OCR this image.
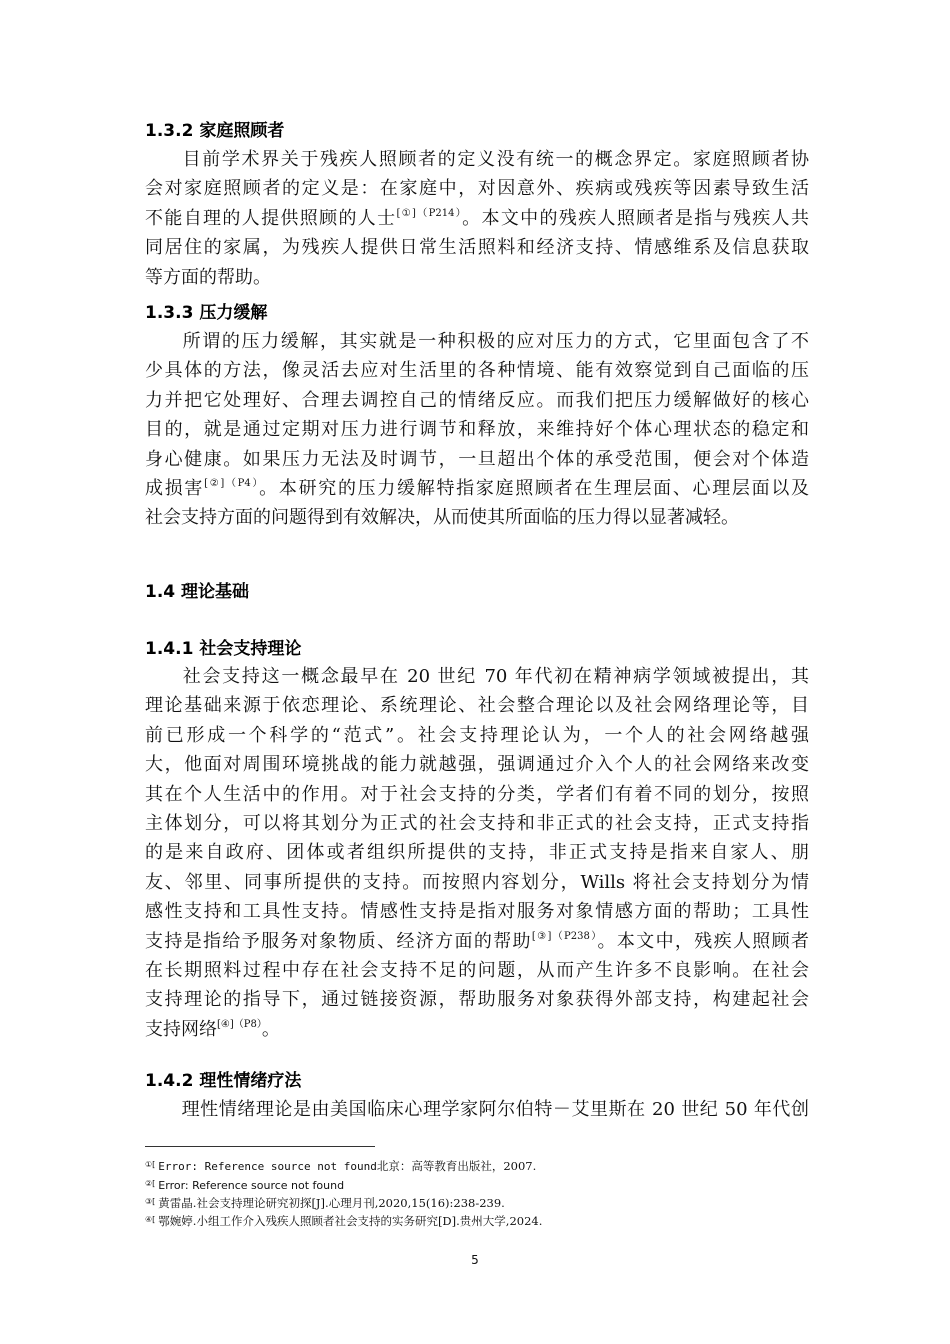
1.3.2 家庭照顾者
目前学术界关于残疾人照顾者的定义没有统一的概念界定。家庭照顾者协
会对家庭照顾者的定义是：在家庭中，对因意外、疾病或残疾等因素导致生活
不能自理的人提供照顾的人士$^{[①](P214)}$。本文中的残疾人照顾者是指与残疾人共
同居住的家属，为残疾人提供日常生活照料和经济支持、情感维系及信息获取
等方面的帮助。
1.3.3 压力缓解
所谓的压力缓解，其实就是一种积极的应对压力的方式，它里面包含了不
少具体的方法，像灵活去应对生活里的各种情境、能有效察觉到自己面临的压
力并把它处理好、合理去调控自己的情绪反应。而我们把压力缓解做好的核心
目的，就是通过定期对压力进行调节和释放，来维持好个体心理状态的稳定和
身心健康。如果压力无法及时调节，一旦超出个体的承受范围，便会对个体造
成损害$^{[②](P4)}$。本研究的压力缓解特指家庭照顾者在生理层面、心理层面以及
社会支持方面的问题得到有效解决，从而使其所面临的压力得以显著减轻。
1.4 理论基础
1.4.1 社会支持理论
社会支持这一概念最早在 20 世纪 70 年代初在精神病学领域被提出，其
理论基础来源于依恋理论、系统理论、社会整合理论以及社会网络理论等，目
前已形成一个科学的“范式”。社会支持理论认为，一个人的社会网络越强
大，他面对周围环境挑战的能力就越强，强调通过介入个人的社会网络来改变
其在个人生活中的作用。对于社会支持的分类，学者们有着不同的划分，按照
主体划分，可以将其划分为正式的社会支持和非正式的社会支持，正式支持指
的是来自政府、团体或者组织所提供的支持，非正式支持是指来自家人、朋
友、邻里、同事所提供的支持。而按照内容划分，Wills 将社会支持划分为情
感性支持和工具性支持。情感性支持是指对服务对象情感方面的帮助；工具性
支持是指给予服务对象物质、经济方面的帮助$^{[③](P238)}$。本文中，残疾人照顾者
在长期照料过程中存在社会支持不足的问题，从而产生许多不良影响。在社会
支持理论的指导下，通过链接资源，帮助服务对象获得外部支持，构建起社会
支持网络$^{[④](P8)}$。
1.4.2 理性情绪疗法
理性情绪理论是由美国临床心理学家阿尔伯特－艾里斯在 20 世纪 50 年代创
①[ Error: Reference source not found北京：高等教育出版社，2007.
②[ Error: Reference source not found
③[ 黄雷晶.社会支持理论研究初探[J].心理月刊,2020,15(16):238-239.
④[ 鄂婉婷.小组工作介入残疾人照顾者社会支持的实务研究[D].贵州大学,2024.
5
